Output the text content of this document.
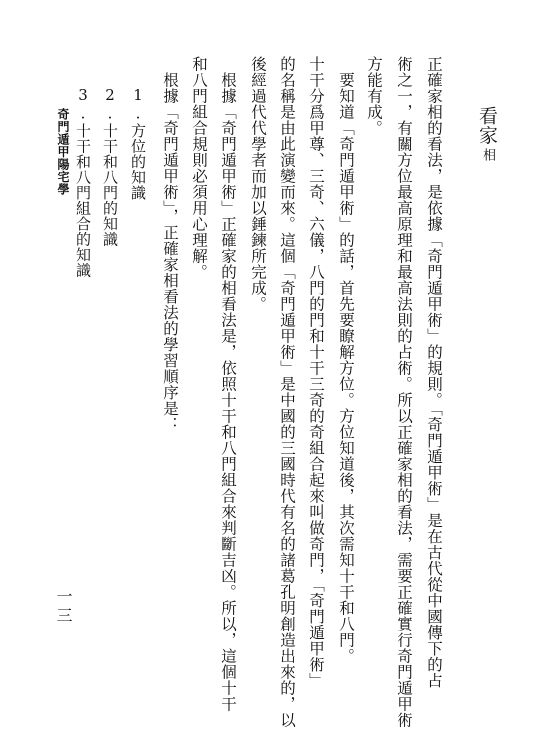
看家
相
正確家相的看法，是依據「奇門遁甲術」的規則。「奇門遁甲術」是在古代從中國傳下的占
術之一，有關方位最高原理和最高法則的占術。所以正確家相的看法，需要正確實行奇門遁甲術
方能有成。
要知道「奇門遁甲術」的話，首先要瞭解方位。方位知道後，其次需知十干和八門。
十干分爲甲尊、三奇、六儀，八門的門和十干三奇的奇組合起來叫做奇門，「奇門遁甲術」
的名稱是由此演變而來。這個「奇門遁甲術」是中國的三國時代有名的諸葛孔明創造出來的，以
後經過代代學者而加以錘鍊所完成。
根據「奇門遁甲術」正確家的相看法是，依照十干和八門組合來判斷吉凶。所以，這個十干
和八門組合規則必須用心理解。
根據「奇門遁甲術」，正確家相看法的學習順序是：
1.方位的知識
2.十干和八門的知識
3.十干和八門組合的知識
奇門遁甲陽宅學
一三
